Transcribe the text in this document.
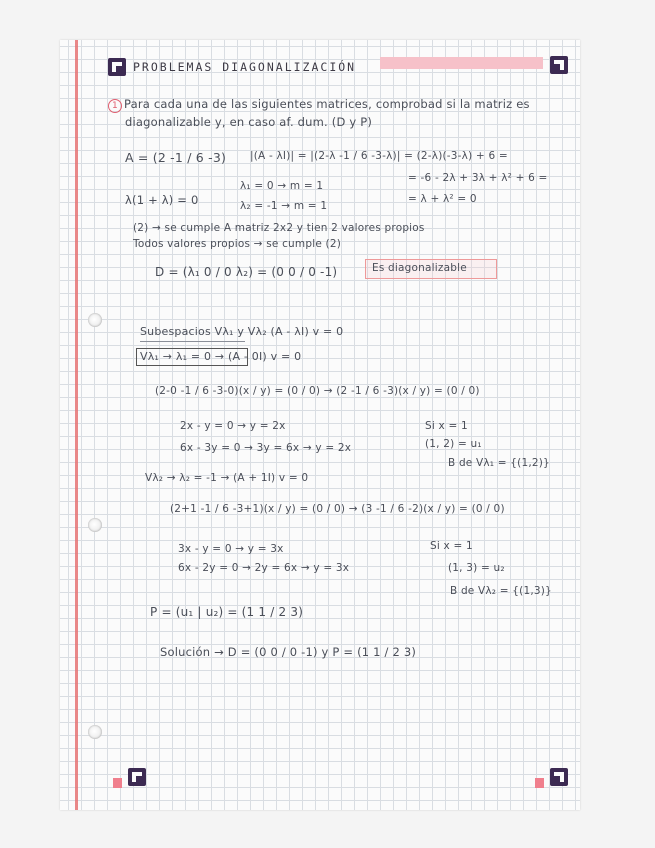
PROBLEMAS DIAGONALIZACIÓN
1 Para cada una de las siguientes matrices, comprobad si la matriz es
diagonalizable y, en caso af. dum. (D y P)
A = (2 -1 / 6 -3) |(A - λI)| = |(2-λ -1 / 6 -3-λ)| = (2-λ)(-3-λ) + 6 =
= -6 - 2λ + 3λ + λ² + 6 =
= λ + λ² = 0
λ(1 + λ) = 0
λ₁ = 0 → m = 1
λ₂ = -1 → m = 1
(2) → se cumple A matriz 2x2 y tien 2 valores propios
Todos valores propios → se cumple (2)
D = (λ₁ 0 / 0 λ₂) = (0 0 / 0 -1)	Es diagonalizable
Subespacios Vλ₁ y Vλ₂ (A - λI) v = 0
Vλ₁ → λ₁ = 0 → (A - 0I) v = 0
(2-0 -1 / 6 -3-0)(x / y) = (0 / 0) → (2 -1 / 6 -3)(x / y) = (0 / 0)
2x - y = 0 → y = 2x
6x - 3y = 0 → 3y = 6x → y = 2x
Si x = 1
(1, 2) = u₁
B de Vλ₁ = {(1,2)}
Vλ₂ → λ₂ = -1 → (A + 1I) v = 0
(2+1 -1 / 6 -3+1)(x / y) = (0 / 0) → (3 -1 / 6 -2)(x / y) = (0 / 0)
3x - y = 0 → y = 3x
6x - 2y = 0 → 2y = 6x → y = 3x
Si x = 1
(1, 3) = u₂
B de Vλ₂ = {(1,3)}
P = (u₁ | u₂) = (1 1 / 2 3)
Solución → D = (0 0 / 0 -1) y P = (1 1 / 2 3)
